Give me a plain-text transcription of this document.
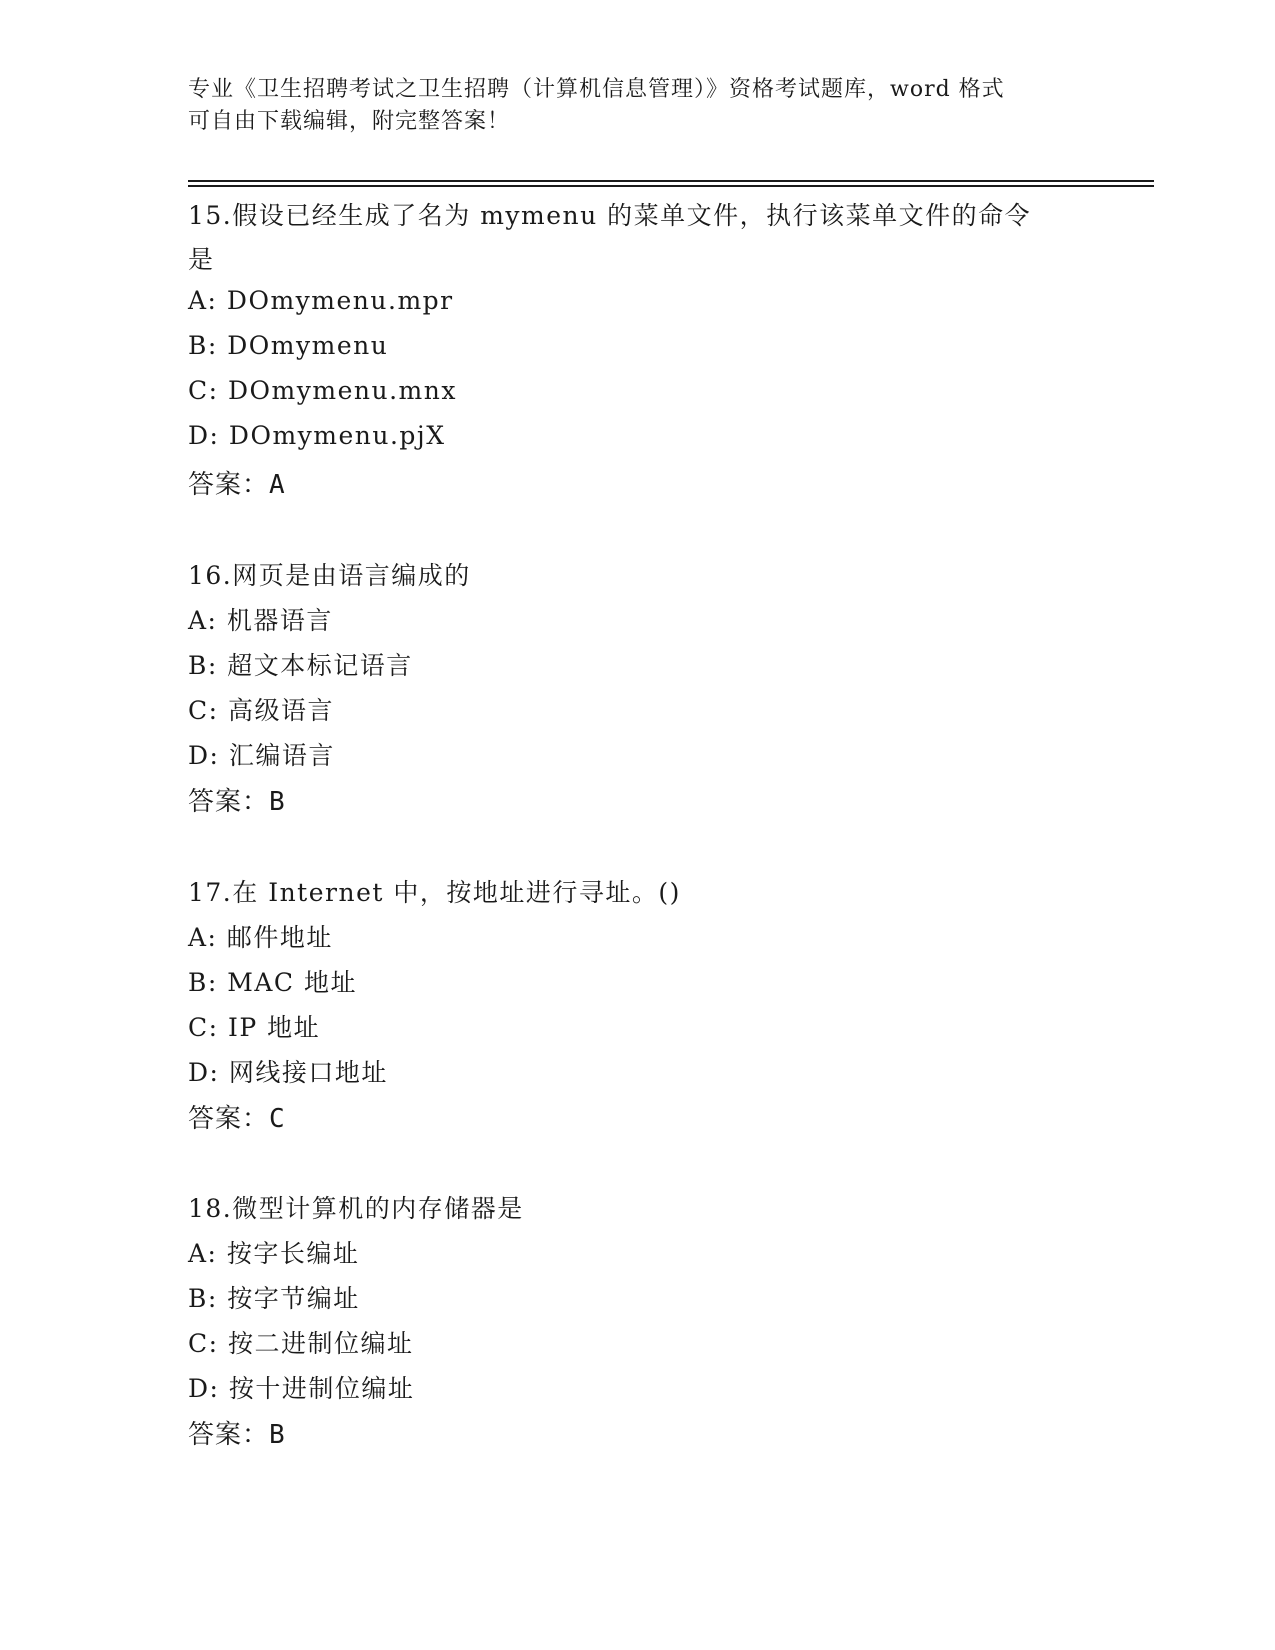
专业《卫生招聘考试之卫生招聘（计算机信息管理）》资格考试题库，word 格式
可自由下载编辑，附完整答案！
15.假设已经生成了名为 mymenu 的菜单文件，执行该菜单文件的命令
是
A: DOmymenu.mpr
B: DOmymenu
C: DOmymenu.mnx
D: DOmymenu.pjX
答案：A
16.网页是由语言编成的
A: 机器语言
B: 超文本标记语言
C: 高级语言
D: 汇编语言
答案：B
17.在 Internet 中，按地址进行寻址。()
A: 邮件地址
B: MAC 地址
C: IP 地址
D: 网线接口地址
答案：C
18.微型计算机的内存储器是
A: 按字长编址
B: 按字节编址
C: 按二进制位编址
D: 按十进制位编址
答案：B
